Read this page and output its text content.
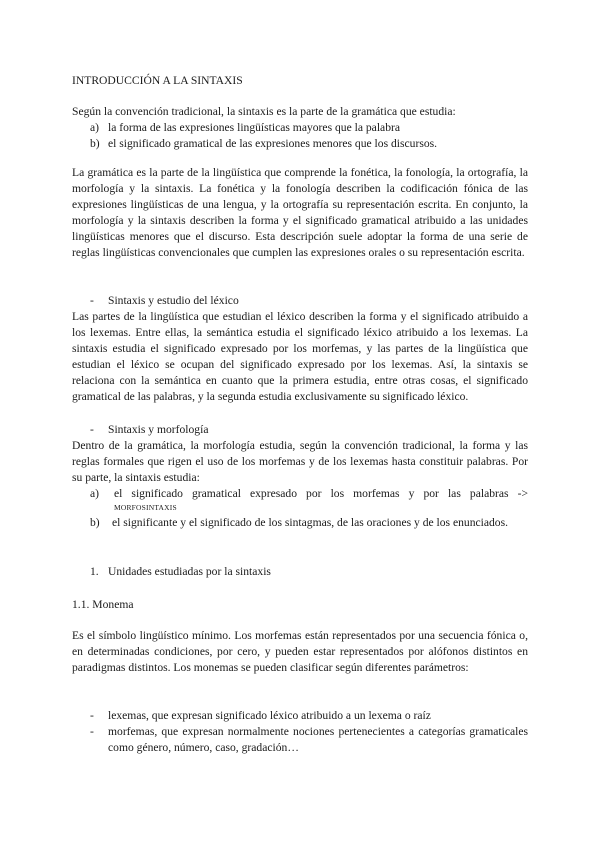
INTRODUCCIÓN A LA SINTAXIS
Según la convención tradicional, la sintaxis es la parte de la gramática que estudia:
a) la forma de las expresiones lingüísticas mayores que la palabra
b) el significado gramatical de las expresiones menores que los discursos.
La gramática es la parte de la lingüística que comprende la fonética, la fonología, la ortografía, la morfología y la sintaxis. La fonética y la fonología describen la codificación fónica de las expresiones lingüísticas de una lengua, y la ortografía su representación escrita. En conjunto, la morfología y la sintaxis describen la forma y el significado gramatical atribuido a las unidades lingüísticas menores que el discurso. Esta descripción suele adoptar la forma de una serie de reglas lingüísticas convencionales que cumplen las expresiones orales o su representación escrita.
- Sintaxis y estudio del léxico
Las partes de la lingüística que estudian el léxico describen la forma y el significado atribuido a los lexemas. Entre ellas, la semántica estudia el significado léxico atribuido a los lexemas. La sintaxis estudia el significado expresado por los morfemas, y las partes de la lingüística que estudian el léxico se ocupan del significado expresado por los lexemas. Así, la sintaxis se relaciona con la semántica en cuanto que la primera estudia, entre otras cosas, el significado gramatical de las palabras, y la segunda estudia exclusivamente su significado léxico.
- Sintaxis y morfología
Dentro de la gramática, la morfología estudia, según la convención tradicional, la forma y las reglas formales que rigen el uso de los morfemas y de los lexemas hasta constituir palabras. Por su parte, la sintaxis estudia:
a)	el significado gramatical expresado por los morfemas y por las palabras ->
MORFOSINTAXIS
b) el significante y el significado de los sintagmas, de las oraciones y de los enunciados.
1. Unidades estudiadas por la sintaxis
1.1. Monema
Es el símbolo lingüístico mínimo. Los morfemas están representados por una secuencia fónica o, en determinadas condiciones, por cero, y pueden estar representados por alófonos distintos en paradigmas distintos. Los monemas se pueden clasificar según diferentes parámetros:
- lexemas, que expresan significado léxico atribuido a un lexema o raíz
-	morfemas, que expresan normalmente nociones pertenecientes a categorías gramaticales como género, número, caso, gradación…
